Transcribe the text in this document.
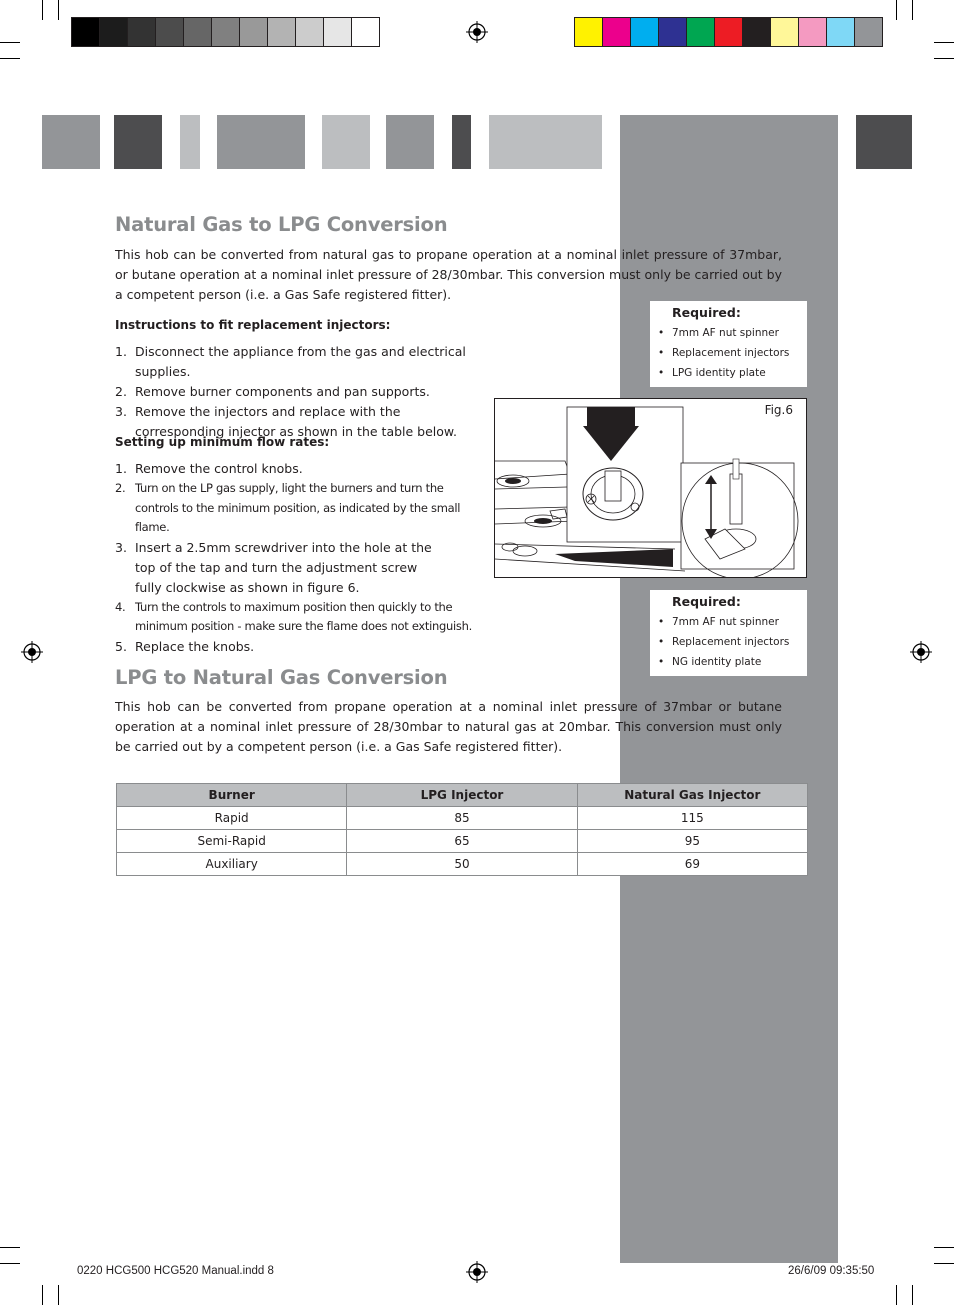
Natural Gas to LPG Conversion

This hob can be converted from natural gas to propane operation at a nominal inlet pressure of 37mbar, or butane operation at a nominal inlet pressure of 28/30mbar. This conversion must only be carried out by a competent person (i.e. a Gas Safe registered fitter).

Required:
• 7mm AF nut spinner
• Replacement injectors
• LPG identity plate

Instructions to fit replacement injectors:

1. Disconnect the appliance from the gas and electrical supplies.
2. Remove burner components and pan supports.
3. Remove the injectors and replace with the corresponding injector as shown in the table below.

Setting up minimum flow rates:

1. Remove the control knobs.
2. Turn on the LP gas supply, light the burners and turn the controls to the minimum position, as indicated by the small flame.
3. Insert a 2.5mm screwdriver into the hole at the top of the tap and turn the adjustment screw fully clockwise as shown in figure 6.
4. Turn the controls to maximum position then quickly to the minimum position - make sure the flame does not extinguish.
5. Replace the knobs.
Fig.6
Required:
• 7mm AF nut spinner
• Replacement injectors
• NG identity plate
LPG to Natural Gas Conversion

This hob can be converted from propane operation at a nominal inlet pressure of 37mbar or butane operation at a nominal inlet pressure of 28/30mbar to natural gas at 20mbar. This conversion must only be carried out by a competent person (i.e. a Gas Safe registered fitter).

Burner	LPG Injector	Natural Gas Injector
Rapid	85	115
Semi-Rapid	65	95
Auxiliary	50	69
0220 HCG500 HCG520 Manual.indd 8	26/6/09 09:35:50
